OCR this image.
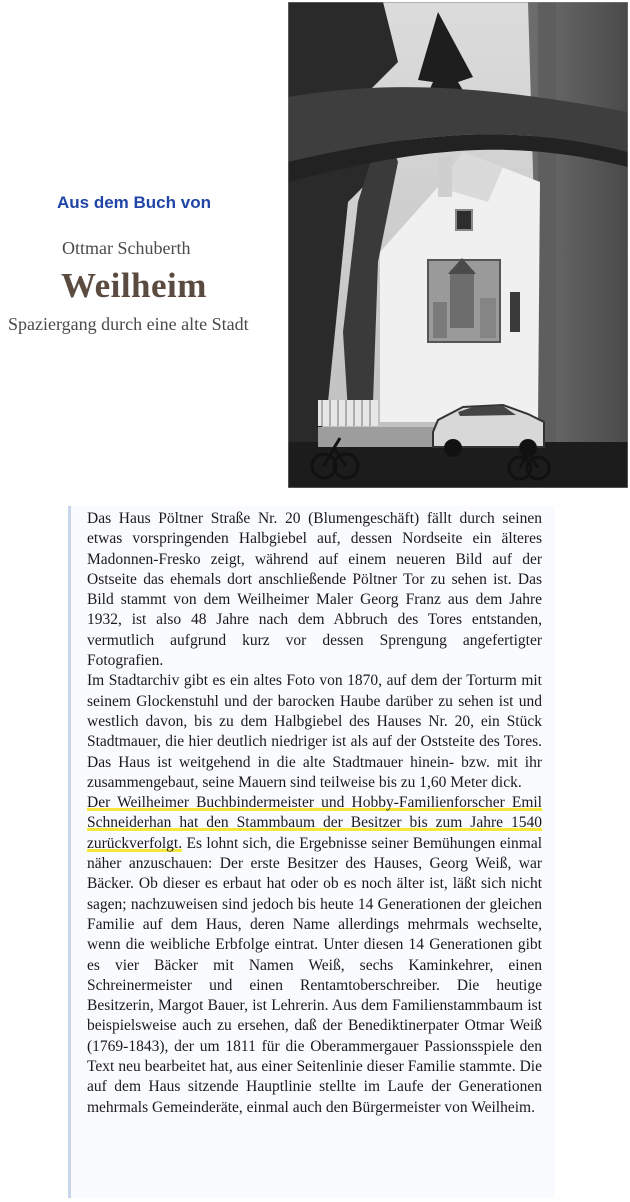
Aus dem Buch von
Ottmar Schuberth
Weilheim
Spaziergang durch eine alte Stadt

Das Haus Pöltner Straße Nr. 20 (Blumengeschäft) fällt durch seinen etwas vorspringenden Halbgiebel auf, dessen Nordseite ein älteres Madonnen-Fresko zeigt, während auf einem neueren Bild auf der Ostseite das ehemals dort anschließende Pöltner Tor zu sehen ist. Das Bild stammt von dem Weilheimer Maler Georg Franz aus dem Jahre 1932, ist also 48 Jahre nach dem Abbruch des Tores entstanden, vermutlich aufgrund kurz vor dessen Sprengung angefertigter Fotografien.

Im Stadtarchiv gibt es ein altes Foto von 1870, auf dem der Torturm mit seinem Glockenstuhl und der barocken Haube darüber zu sehen ist und westlich davon, bis zu dem Halbgiebel des Hauses Nr. 20, ein Stück Stadtmauer, die hier deutlich niedriger ist als auf der Oststeite des Tores. Das Haus ist weitgehend in die alte Stadtmauer hinein- bzw. mit ihr zusammengebaut, seine Mauern sind teilweise bis zu 1,60 Meter dick.

Der Weilheimer Buchbindermeister und Hobby-Familienforscher Emil Schneiderhan hat den Stammbaum der Besitzer bis zum Jahre 1540 zurückverfolgt. Es lohnt sich, die Ergebnisse seiner Bemühungen einmal näher anzuschauen: Der erste Besitzer des Hauses, Georg Weiß, war Bäcker. Ob dieser es erbaut hat oder ob es noch älter ist, läßt sich nicht sagen; nachzuweisen sind jedoch bis heute 14 Generationen der gleichen Familie auf dem Haus, deren Name allerdings mehrmals wechselte, wenn die weibliche Erbfolge eintrat. Unter diesen 14 Generationen gibt es vier Bäcker mit Namen Weiß, sechs Kaminkehrer, einen Schreinermeister und einen Rentamtoberschreiber. Die heutige Besitzerin, Margot Bauer, ist Lehrerin. Aus dem Familienstammbaum ist beispielsweise auch zu ersehen, daß der Benediktinerpater Otmar Weiß (1769-1843), der um 1811 für die Oberammergauer Passionsspiele den Text neu bearbeitet hat, aus einer Seitenlinie dieser Familie stammte. Die auf dem Haus sitzende Hauptlinie stellte im Laufe der Generationen mehrmals Gemeinderäte, einmal auch den Bürgermeister von Weilheim.
